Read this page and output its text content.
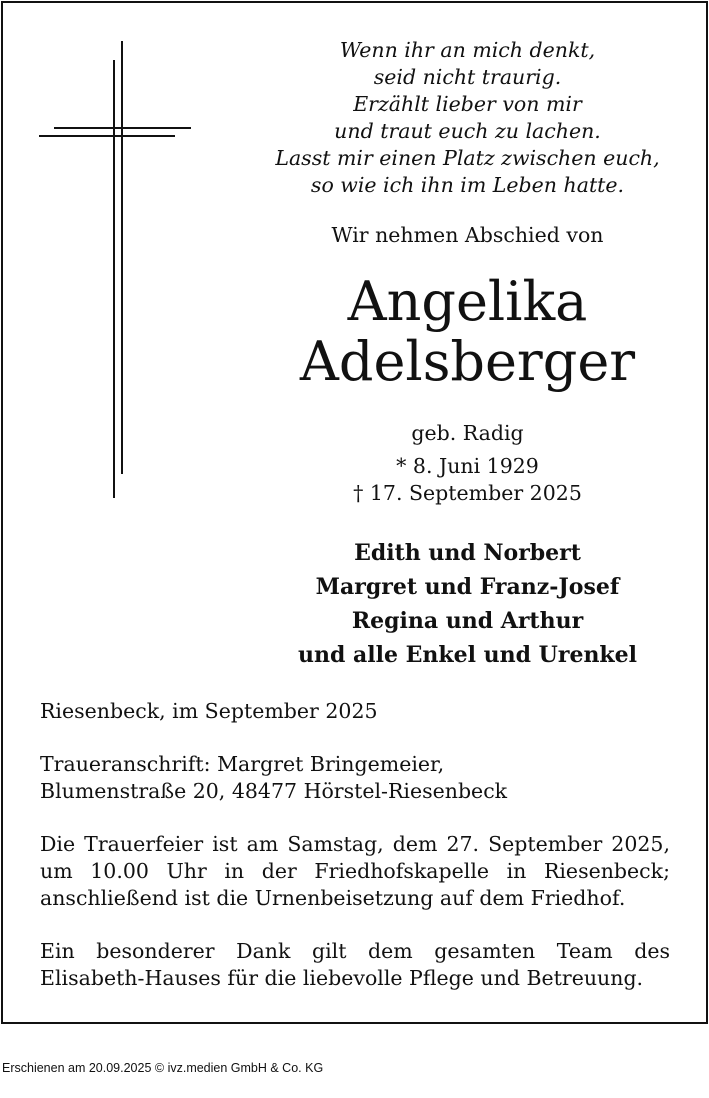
Wenn ihr an mich denkt,
seid nicht traurig.
Erzählt lieber von mir
und traut euch zu lachen.
Lasst mir einen Platz zwischen euch,
so wie ich ihn im Leben hatte.
Wir nehmen Abschied von
Angelika
Adelsberger
geb. Radig
* 8. Juni 1929
† 17. September 2025
Edith und Norbert
Margret und Franz-Josef
Regina und Arthur
und alle Enkel und Urenkel
Riesenbeck, im September 2025
Traueranschrift: Margret Bringemeier,
Blumenstraße 20, 48477 Hörstel-Riesenbeck
Die Trauerfeier ist am Samstag, dem 27. September 2025,
um 10.00 Uhr in der Friedhofskapelle in Riesenbeck;
anschließend ist die Urnenbeisetzung auf dem Friedhof.
Ein besonderer Dank gilt dem gesamten Team des
Elisabeth-Hauses für die liebevolle Pflege und Betreuung.
Erschienen am 20.09.2025 © ivz.medien GmbH & Co. KG
